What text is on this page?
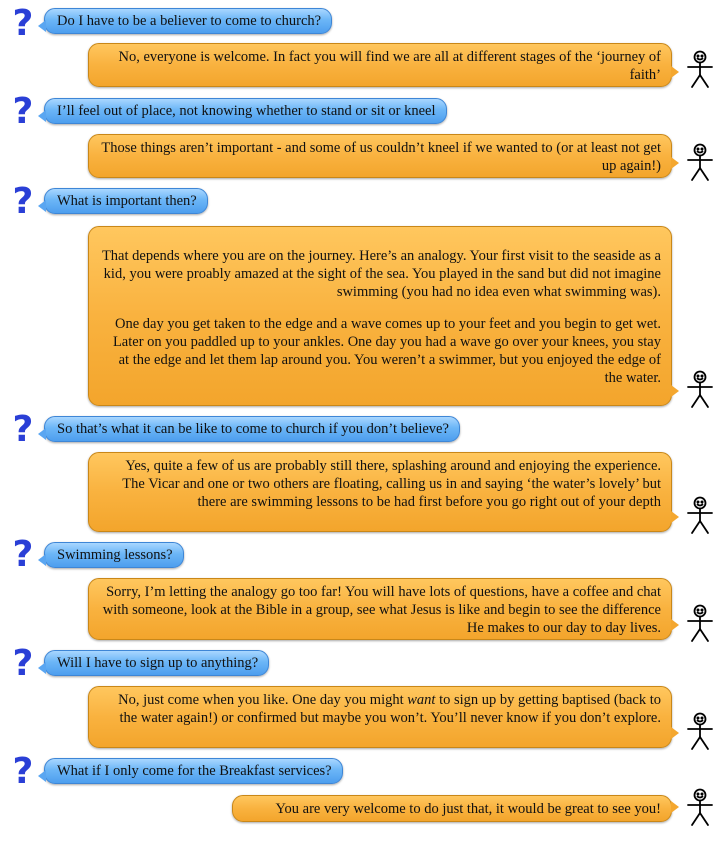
?
?
?
?
?
?
?
Do I have to be a believer to come to church?
I’ll feel out of place, not knowing whether to stand or sit or kneel
What is important then?
So that’s what it can be like to come to church if you don’t believe?
Swimming lessons?
Will I have to sign up to anything?
What if I only come for the Breakfast services?

No, everyone is welcome. In fact you will find we are all at different stages of the ‘journey of faith’

Those things aren’t important - and some of us couldn’t kneel if we wanted to (or at least not get up again!)

That depends where you are on the journey. Here’s an analogy. Your first visit to the seaside as a kid, you were proably amazed at the sight of the sea. You played in the sand but did not imagine swimming (you had no idea even what swimming was).

One day you get taken to the edge and a wave comes up to your feet and you begin to get wet. Later on you paddled up to your ankles. One day you had a wave go over your knees, you stay at the edge and let them lap around you. You weren’t a swimmer, but you enjoyed the edge of the water.

Yes, quite a few of us are probably still there, splashing around and enjoying the experience. The Vicar and one or two others are floating, calling us in and saying ‘the water’s lovely’ but there are swimming lessons to be had first before you go right out of your depth

Sorry, I’m letting the analogy go too far! You will have lots of questions, have a coffee and chat with someone, look at the Bible in a group, see what Jesus is like and begin to see the difference He makes to our day to day lives.

No, just come when you like. One day you might want to sign up by getting baptised (back to the water again!) or confirmed but maybe you won’t. You’ll never know if you don’t explore.

You are very welcome to do just that, it would be great to see you!
